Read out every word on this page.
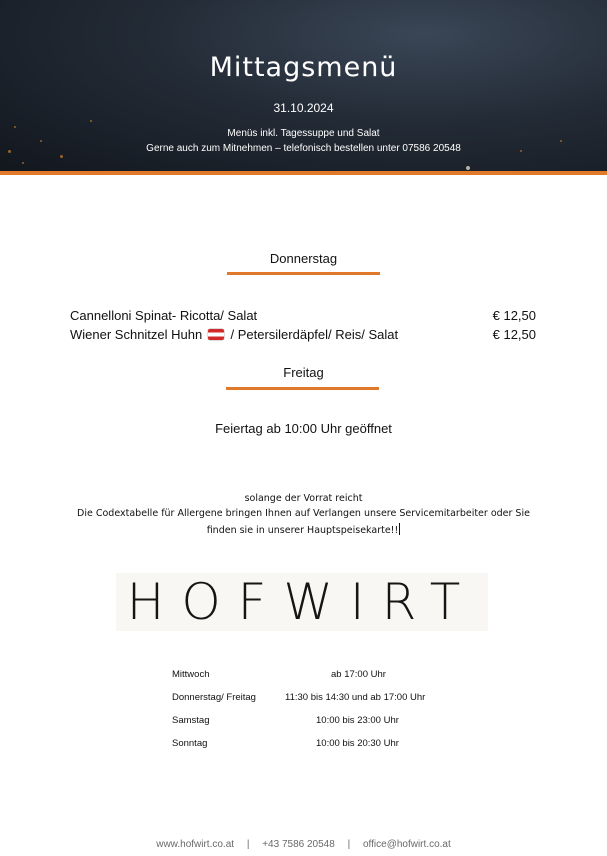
Mittagsmenü
31.10.2024
Menüs inkl. Tagessuppe und Salat
Gerne auch zum Mitnehmen – telefonisch bestellen unter 07586 20548
Donnerstag
Cannelloni Spinat- Ricotta/ Salat	€ 12,50
Wiener Schnitzel Huhn / Petersilerdäpfel/ Reis/ Salat	€ 12,50
Freitag
Feiertag ab 10:00 Uhr geöffnet
solange der Vorrat reicht
Die Codextabelle für Allergene bringen Ihnen auf Verlangen unsere Servicemitarbeiter oder Sie
finden sie in unserer Hauptspeisekarte!!
HOFWIRT
Mittwoch	ab 17:00 Uhr
Donnerstag/ Freitag	11:30 bis 14:30 und ab 17:00 Uhr
Samstag	10:00 bis 23:00 Uhr
Sonntag	10:00 bis 20:30 Uhr
www.hofwirt.co.at | +43 7586 20548 | office@hofwirt.co.at
